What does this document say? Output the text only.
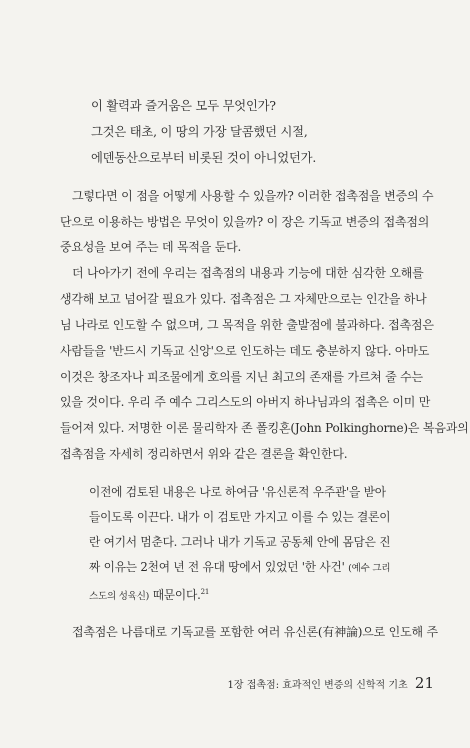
이 활력과 즐거움은 모두 무엇인가?
그것은 태초, 이 땅의 가장 달콤했던 시절,
에덴동산으로부터 비롯된 것이 아니었던가.
그렇다면 이 점을 어떻게 사용할 수 있을까? 이러한 접촉점을 변증의 수
단으로 이용하는 방법은 무엇이 있을까? 이 장은 기독교 변증의 접촉점의
중요성을 보여 주는 데 목적을 둔다.
더 나아가기 전에 우리는 접촉점의 내용과 기능에 대한 심각한 오해를
생각해 보고 넘어갈 필요가 있다. 접촉점은 그 자체만으로는 인간을 하나
님 나라로 인도할 수 없으며, 그 목적을 위한 출발점에 불과하다. 접촉점은
사람들을 '반드시 기독교 신앙'으로 인도하는 데도 충분하지 않다. 아마도
이것은 창조자나 피조물에게 호의를 지닌 최고의 존재를 가르쳐 줄 수는
있을 것이다. 우리 주 예수 그리스도의 아버지 하나님과의 접촉은 이미 만
들어져 있다. 저명한 이론 물리학자 존 폴킹혼(John Polkinghorne)은 복음과의
접촉점을 자세히 정리하면서 위와 같은 결론을 확인한다.
이전에 검토된 내용은 나로 하여금 '유신론적 우주관'을 받아
들이도록 이끈다. 내가 이 검토만 가지고 이를 수 있는 결론이
란 여기서 멈춘다. 그러나 내가 기독교 공동체 안에 몸담은 진
짜 이유는 2천여 년 전 유대 땅에서 있었던 '한 사건' (예수 그리
스도의 성육신) 때문이다.$^{21}$
접촉점은 나름대로 기독교를 포함한 여러 유신론(有神論)으로 인도해 주
1장 접촉점: 효과적인 변증의 신학적 기초 21
